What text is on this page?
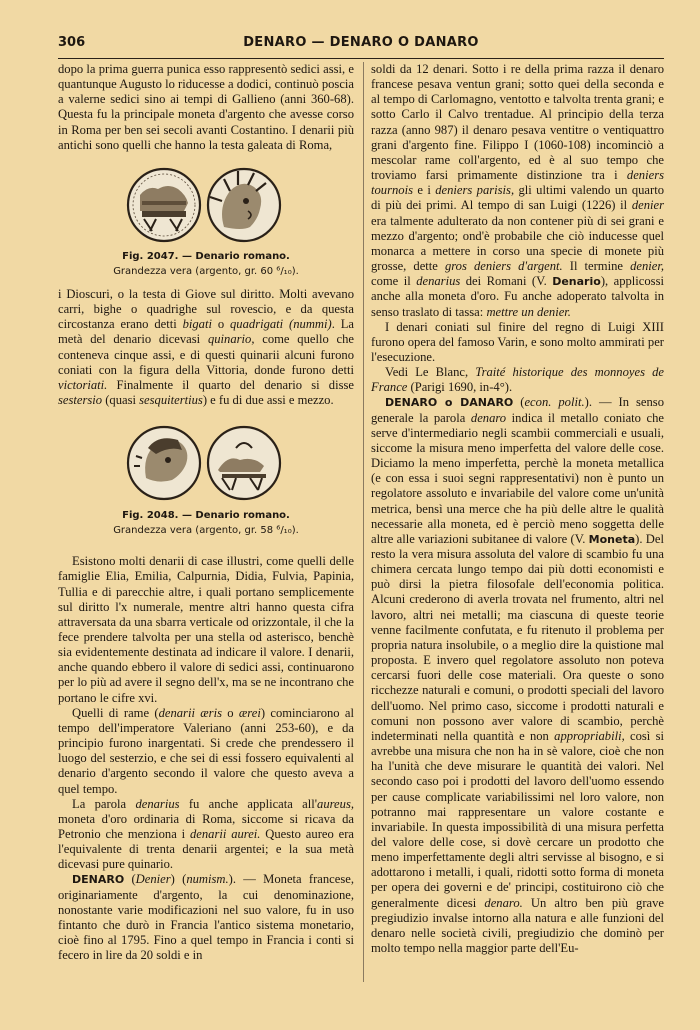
306	DENARO — DENARO O DANARO

dopo la prima guerra punica esso rappresentò sedici assi, e quantunque Augusto lo riducesse a dodici, continuò poscia a valerne sedici sino ai tempi di Gallieno (anni 360-68). Questa fu la principale moneta d'argento che avesse corso in Roma per ben sei secoli avanti Costantino. I denarii più antichi sono quelli che hanno la testa galeata di Roma,

Fig. 2047. — Denario romano.
Grandezza vera (argento, gr. 60 ⁶/₁₀).

i Dioscuri, o la testa di Giove sul diritto. Molti avevano carri, bighe o quadrighe sul rovescio, e da questa circostanza erano detti bigati o quadrigati (nummi). La metà del denario dicevasi quinario, come quello che conteneva cinque assi, e di questi quinarii alcuni furono coniati con la figura della Vittoria, donde furono detti victoriati. Finalmente il quarto del denario si disse sestersio (quasi sesquitertius) e fu di due assi e mezzo.

Fig. 2048. — Denario romano.
Grandezza vera (argento, gr. 58 ⁶/₁₀).

Esistono molti denarii di case illustri, come quelli delle famiglie Elia, Emilia, Calpurnia, Didia, Fulvia, Papinia, Tullia e di parecchie altre, i quali portano semplicemente sul diritto l'x numerale, mentre altri hanno questa cifra attraversata da una sbarra verticale od orizzontale, il che la fece prendere talvolta per una stella od asterisco, benchè sia evidentemente destinata ad indicare il valore. I denarii, anche quando ebbero il valore di sedici assi, continuarono per lo più ad avere il segno dell'x, ma se ne incontrano che portano le cifre xvi.

Quelli di rame (denarii æris o ærei) cominciarono al tempo dell'imperatore Valeriano (anni 253-60), e da principio furono inargentati. Si crede che prendessero il luogo del sesterzio, e che sei di essi fossero equivalenti al denario d'argento secondo il valore che questo aveva a quel tempo.

La parola denarius fu anche applicata all'aureus, moneta d'oro ordinaria di Roma, siccome si ricava da Petronio che menziona i denarii aurei. Questo aureo era l'equivalente di trenta denarii argentei; e la sua metà dicevasi pure quinario.

DENARO (Denier) (numism.). — Moneta francese, originariamente d'argento, la cui denominazione, nonostante varie modificazioni nel suo valore, fu in uso fintanto che durò in Francia l'antico sistema monetario, cioè fino al 1795. Fino a quel tempo in Francia i conti si fecero in lire da 20 soldi e in

soldi da 12 denari. Sotto i re della prima razza il denaro francese pesava ventun grani; sotto quei della seconda e al tempo di Carlomagno, ventotto e talvolta trenta grani; e sotto Carlo il Calvo trentadue. Al principio della terza razza (anno 987) il denaro pesava ventitre o ventiquattro grani d'argento fine. Filippo I (1060-108) incominciò a mescolar rame coll'argento, ed è al suo tempo che troviamo farsi primamente distinzione tra i deniers tournois e i deniers parisis, gli ultimi valendo un quarto di più dei primi. Al tempo di san Luigi (1226) il denier era talmente adulterato da non contener più di sei grani e mezzo d'argento; ond'è probabile che ciò inducesse quel monarca a mettere in corso una specie di monete più grosse, dette gros deniers d'argent. Il termine denier, come il denarius dei Romani (V. Denario), applicossi anche alla moneta d'oro. Fu anche adoperato talvolta in senso traslato di tassa: mettre un denier.

I denari coniati sul finire del regno di Luigi XIII furono opera del famoso Varin, e sono molto ammirati per l'esecuzione.

Vedi Le Blanc, Traité historique des monnoyes de France (Parigi 1690, in-4°).

DENARO o DANARO (econ. polit.). — In senso generale la parola denaro indica il metallo coniato che serve d'intermediario negli scambii commerciali e usuali, siccome la misura meno imperfetta del valore delle cose. Diciamo la meno imperfetta, perchè la moneta metallica (e con essa i suoi segni rappresentativi) non è punto un regolatore assoluto e invariabile del valore come un'unità metrica, bensì una merce che ha più delle altre le qualità necessarie alla moneta, ed è perciò meno soggetta delle altre alle variazioni subitanee di valore (V. Moneta). Del resto la vera misura assoluta del valore di scambio fu una chimera cercata lungo tempo dai più dotti economisti e può dirsi la pietra filosofale dell'economia politica. Alcuni crederono di averla trovata nel frumento, altri nel lavoro, altri nei metalli; ma ciascuna di queste teorie venne facilmente confutata, e fu ritenuto il problema per propria natura insolubile, o a meglio dire la quistione mal proposta. E invero quel regolatore assoluto non poteva cercarsi fuori delle cose materiali. Ora queste o sono ricchezze naturali e comuni, o prodotti speciali del lavoro dell'uomo. Nel primo caso, siccome i prodotti naturali e comuni non possono aver valore di scambio, perchè indeterminati nella quantità e non appropriabili, così si avrebbe una misura che non ha in sè valore, cioè che non ha l'unità che deve misurare le quantità dei valori. Nel secondo caso poi i prodotti del lavoro dell'uomo essendo per cause complicate variabilissimi nel loro valore, non potranno mai rappresentare un valore costante e invariabile. In questa impossibilità di una misura perfetta del valore delle cose, si dovè cercare un prodotto che meno imperfettamente degli altri servisse al bisogno, e si adottarono i metalli, i quali, ridotti sotto forma di moneta per opera dei governi e de' principi, costituirono ciò che generalmente dicesi denaro. Un altro ben più grave pregiudizio invalse intorno alla natura e alle funzioni del denaro nelle società civili, pregiudizio che dominò per molto tempo nella maggior parte dell'Eu-
